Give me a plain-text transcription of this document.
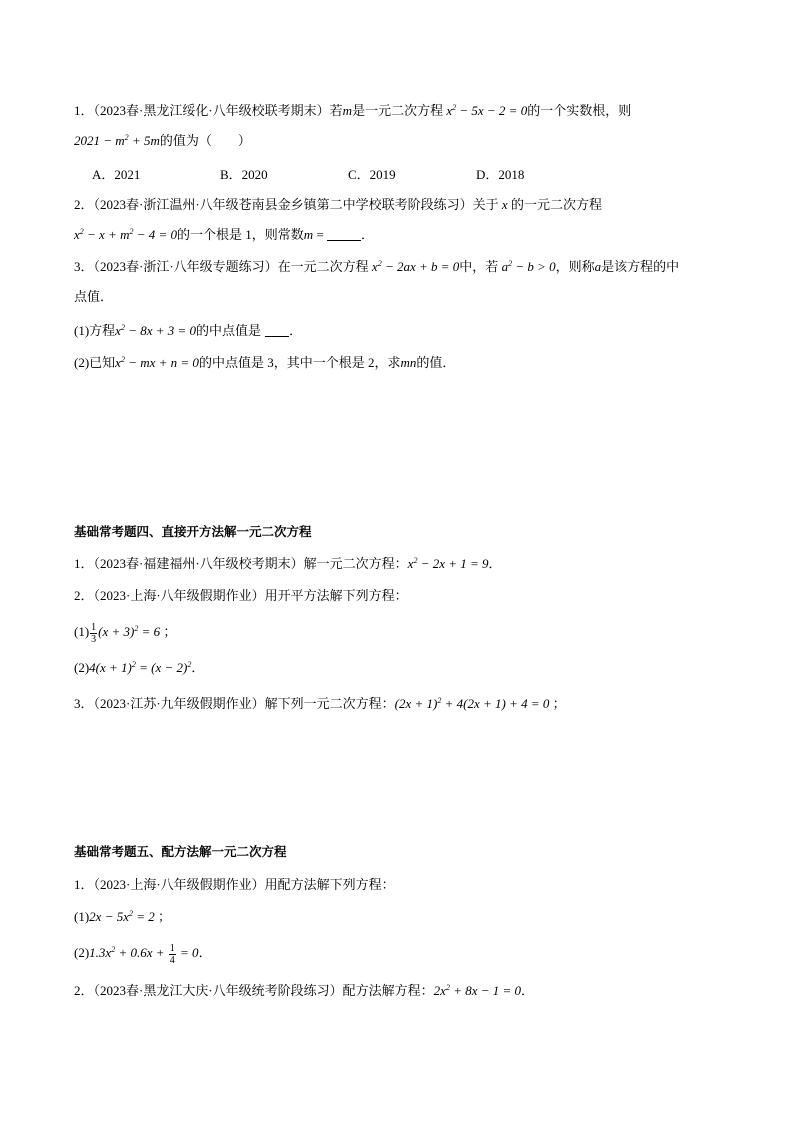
1．（2023春·黑龙江绥化·八年级校联考期末）若m是一元二次方程 $x^2 - 5x - 2 = 0$的一个实数根，则
$2021 - m^2 + 5m$的值为（　　）
A．2021	B．2020	C．2019	D．2018
2．（2023春·浙江温州·八年级苍南县金乡镇第二中学校联考阶段练习）关于 x 的一元二次方程
$x^2 - x + m^2 - 4 = 0$的一个根是 1，则常数m =	．
3．（2023春·浙江·八年级专题练习）在一元二次方程 $x^2 - 2ax + b = 0$中，若 $a^2 - b > 0$，则称a是该方程的中
点值．
(1)方程$x^2 - 8x + 3 = 0$的中点值是 ．
(2)已知$x^2$ − mx + n = 0的中点值是 3，其中一个根是 2，求mn的值．
基础常考题四、直接开方法解一元二次方程
1．（2023春·福建福州·八年级校考期末）解一元二次方程：$x^2 - 2x + 1 = 9$．
2．（2023·上海·八年级假期作业）用开平方法解下列方程：
$(1) \frac{1}{3} (x + 3)^2 = 6$ ；
$(2)4(x + 1)^2 = (x - 2)^2$．
3．（2023·江苏·九年级假期作业）解下列一元二次方程：$(2x + 1)^2 + 4(2x + 1) + 4 = 0$ ；
基础常考题五、配方法解一元二次方程
1．（2023·上海·八年级假期作业）用配方法解下列方程：
$(1)2x - 5x^2 = 2$ ；
$(2)1.3x^2 + 0.6x + \frac{1}{4} = 0$．
2．（2023春·黑龙江大庆·八年级统考阶段练习）配方法解方程：$2x^2 + 8x - 1 = 0$．
